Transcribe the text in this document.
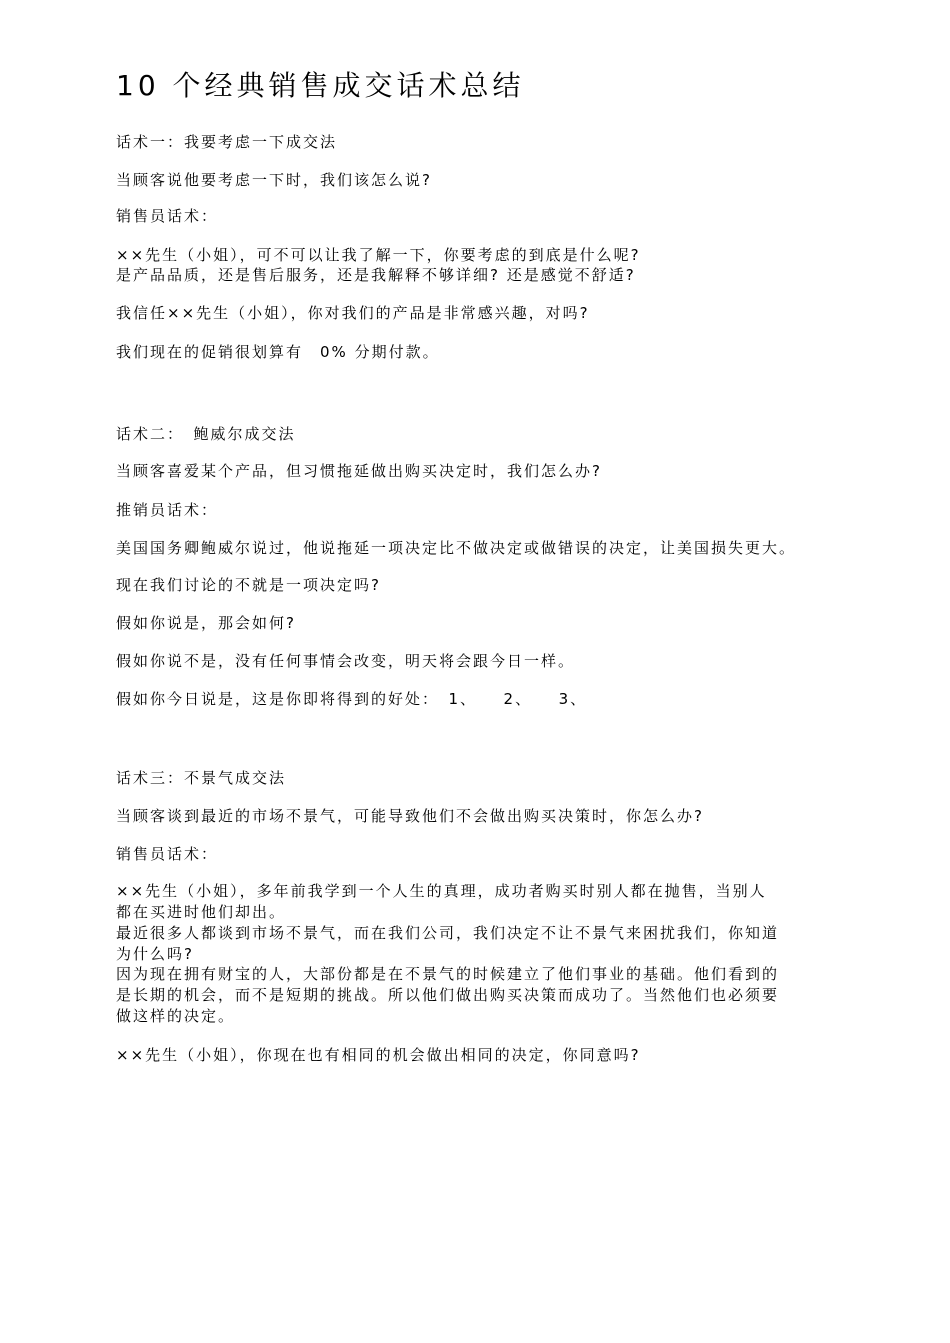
10 个经典销售成交话术总结

话术一：我要考虑一下成交法

当顾客说他要考虑一下时，我们该怎么说?

销售员话术：

××先生（小姐），可不可以让我了解一下，你要考虑的到底是什么呢?

是产品品质，还是售后服务，还是我解释不够详细? 还是感觉不舒适?

我信任××先生（小姐），你对我们的产品是非常感兴趣，对吗?

我们现在的促销很划算有　0% 分期付款。

话术二：　鲍威尔成交法

当顾客喜爱某个产品，但习惯拖延做出购买决定时，我们怎么办?

推销员话术：

美国国务卿鲍威尔说过，他说拖延一项决定比不做决定或做错误的决定，让美国损失更大。

现在我们讨论的不就是一项决定吗?

假如你说是，那会如何?

假如你说不是，没有任何事情会改变，明天将会跟今日一样。

假如你今日说是，这是你即将得到的好处：　1、　　2、　　3、

话术三：不景气成交法

当顾客谈到最近的市场不景气，可能导致他们不会做出购买决策时，你怎么办?

销售员话术：

××先生（小姐），多年前我学到一个人生的真理，成功者购买时别人都在抛售，当别人

都在买进时他们却出。

最近很多人都谈到市场不景气，而在我们公司，我们决定不让不景气来困扰我们，你知道

为什么吗?

因为现在拥有财宝的人，大部份都是在不景气的时候建立了他们事业的基础。他们看到的

是长期的机会，而不是短期的挑战。所以他们做出购买决策而成功了。当然他们也必须要

做这样的决定。

××先生（小姐），你现在也有相同的机会做出相同的决定，你同意吗?
